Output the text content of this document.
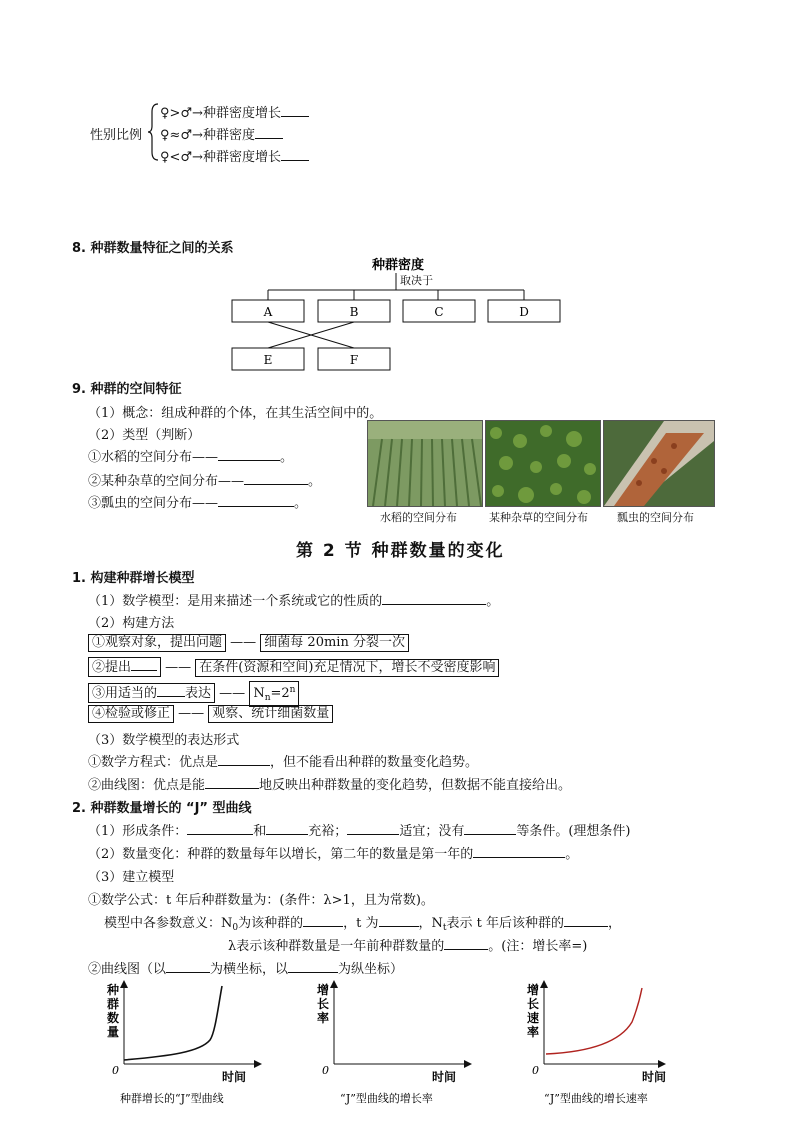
性别比例
♀>♂→种群密度增长
♀≈♂→种群密度
♀<♂→种群密度增长
8. 种群数量特征之间的关系
种群密度
取决于
A	B	C	D
E	F
9. 种群的空间特征
（1）概念：组成种群的个体，在其生活空间中的。
（2）类型（判断）
①水稻的空间分布——	。
②某种杂草的空间分布——	。
③瓢虫的空间分布——	。
水稻的空间分布	某种杂草的空间分布	瓢虫的空间分布
第 2 节 种群数量的变化
1. 构建种群增长模型
（1）数学模型：是用来描述一个系统或它的性质的	。
（2）构建方法
①观察对象，提出问题 —— 细菌每 20min 分裂一次
②提出	—— 在条件(资源和空间)充足情况下，增长不受密度影响
③用适当的 表达 —— $N_n=2^n$
④检验或修正 —— 观察、统计细菌数量
（3）数学模型的表达形式
①数学方程式：优点是	，但不能看出种群的数量变化趋势。
②曲线图：优点是能	地反映出种群数量的变化趋势，但数据不能直接给出。
2. 种群数量增长的 “J” 型曲线
（1）形成条件：	和	充裕；	适宜；没有	等条件。(理想条件)
（2）数量变化：种群的数量每年以增长，第二年的数量是第一年的	。
（3）建立模型
①数学公式：t 年后种群数量为：(条件：λ>1，且为常数)。
模型中各参数意义：$N_0$为该种群的	，t 为	，$N_t$表示 t 年后该种群的	，
λ表示该种群数量是一年前种群数量的	。(注：增长率=)
②曲线图（以	为横坐标，以	为纵坐标）
种
群
数
量
0	时间
种群增长的“J”型曲线
增
长
率
0	时间
“J”型曲线的增长率
增
长
速
率
0	时间
“J”型曲线的增长速率
